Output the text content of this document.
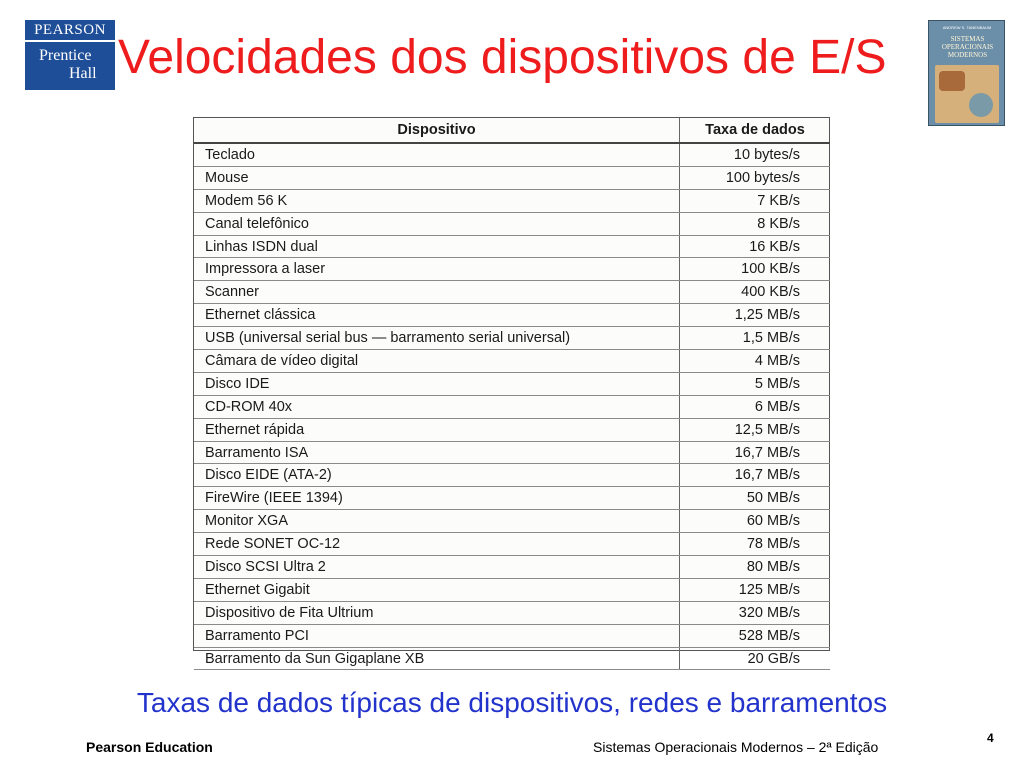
PEARSON
Prentice
Hall Velocidades dos dispositivos de E/S
ANDREW S. TANENBAUM
SISTEMAS
OPERACIONAIS
MODERNOS
Dispositivo	Taxa de dados
Teclado	10 bytes/s
Mouse	100 bytes/s
Modem 56 K	7 KB/s
Canal telefônico	8 KB/s
Linhas ISDN dual	16 KB/s
Impressora a laser	100 KB/s
Scanner	400 KB/s
Ethernet clássica	1,25 MB/s
USB (universal serial bus — barramento serial universal)	1,5 MB/s
Câmara de vídeo digital	4 MB/s
Disco IDE	5 MB/s
CD-ROM 40x	6 MB/s
Ethernet rápida	12,5 MB/s
Barramento ISA	16,7 MB/s
Disco EIDE (ATA-2)	16,7 MB/s
FireWire (IEEE 1394)	50 MB/s
Monitor XGA	60 MB/s
Rede SONET OC-12	78 MB/s
Disco SCSI Ultra 2	80 MB/s
Ethernet Gigabit	125 MB/s
Dispositivo de Fita Ultrium	320 MB/s
Barramento PCI	528 MB/s
Barramento da Sun Gigaplane XB	20 GB/s

Taxas de dados típicas de dispositivos, redes e barramentos

Pearson Education	Sistemas Operacionais Modernos – 2ª Edição
4
